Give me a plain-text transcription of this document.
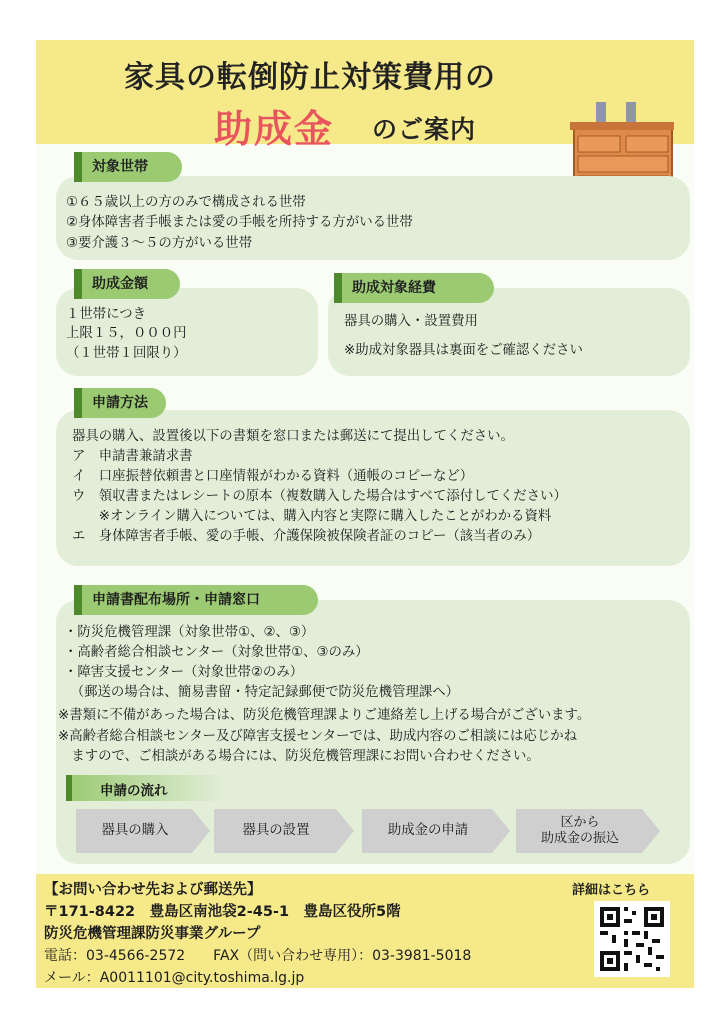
家具の転倒防止対策費用の
助成金 のご案内
対象世帯
①６５歳以上の方のみで構成される世帯
②身体障害者手帳または愛の手帳を所持する方がいる世帯
③要介護３～５の方がいる世帯
助成金額
１世帯につき
上限１５，０００円
（１世帯１回限り）
助成対象経費
器具の購入・設置費用
※助成対象器具は裏面をご確認ください
申請方法
器具の購入、設置後以下の書類を窓口または郵送にて提出してください。
ア　申請書兼請求書
イ　口座振替依頼書と口座情報がわかる資料（通帳のコピーなど）
ウ　領収書またはレシートの原本（複数購入した場合はすべて添付してください）
　　※オンライン購入については、購入内容と実際に購入したことがわかる資料
エ　身体障害者手帳、愛の手帳、介護保険被保険者証のコピー（該当者のみ）
申請書配布場所・申請窓口
・防災危機管理課（対象世帯①、②、③）
・高齢者総合相談センター（対象世帯①、③のみ）
・障害支援センター（対象世帯②のみ）
　（郵送の場合は、簡易書留・特定記録郵便で防災危機管理課へ）
※書類に不備があった場合は、防災危機管理課よりご連絡差し上げる場合がございます。
※高齢者総合相談センター及び障害支援センターでは、助成内容のご相談には応じかね
　ますので、ご相談がある場合には、防災危機管理課にお問い合わせください。
申請の流れ
器具の購入	器具の設置	助成金の申請
区から
助成金の振込
【お問い合わせ先および郵送先】
〒171-8422　豊島区南池袋2-45-1　豊島区役所5階
防災危機管理課防災事業グループ
電話：03-4566-2572　　FAX（問い合わせ専用）：03-3981-5018
メール：A0011101@city.toshima.lg.jp
詳細はこちら
